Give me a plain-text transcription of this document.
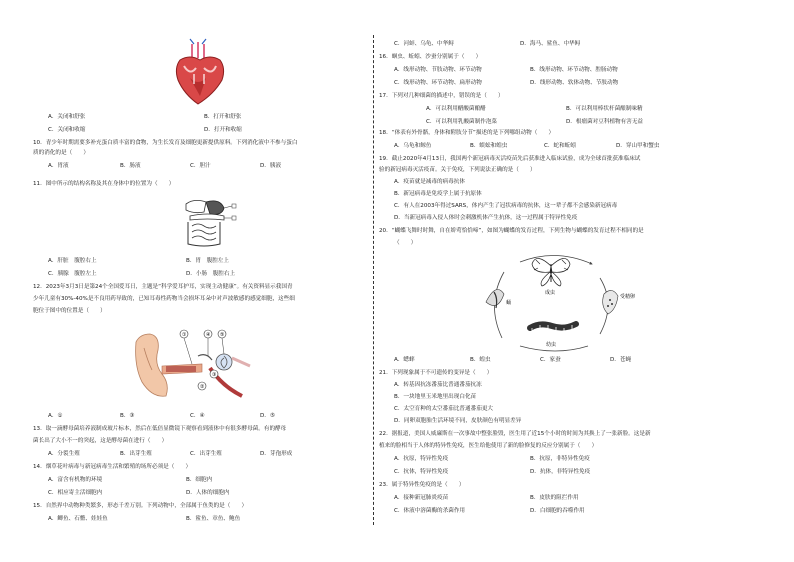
A．关闭和舒张	B．打开和舒张
C．关闭和收缩	D．打开和收缩
10．青少年时期需要多补充蛋白质丰富的食物，为生长发育及细胞更新提供原料。下列消化液中不参与蛋白
质的消化的是（　　）
A．胃液	B．肠液	C．胆汁	D．胰液
11．图中所示的结构名称及其在身体中的位置为（　　）
A．肝脏　腹腔右上	B．胃　腹腔左上
C．胰腺　腹腔左上	D．小肠　腹腔右上
12．2023年3月3日是第24个全国爱耳日，主题是“科学爱耳护耳，实现主动健康”。有关资料显示我国青
少年儿童有30%-40%是不良用药导致的，已知耳毒性药物当会损坏耳朵中对声波敏感的感觉细胞，这些细
胞位于图中的位置是（　　）
①	④ ⑤
③
②
A．①	B．③	C．④	D．⑤
13．取一滴酵母菌培养液制成玻片标本，然后在低倍显微镜下观察看到液体中有很多酵母菌。有的酵母
菌长出了大小不一的突起，这是酵母菌在进行（　　）
A．分裂生殖	B．出芽生殖	C．出芽生殖	D．芽孢形成
14．烟草花叶病毒与新冠病毒生活和繁殖的场所必须是（　　）
A．富含有机物的环境	B．细胞内
C．相应寄主活细胞内	D．人体的细胞内
15．自然界中动物种类繁多，形态千差万别。下列动物中，全部属于鱼类的是（　　）
A．鲫鱼、石鳖、娃娃鱼	B．鲨鱼、章鱼、鲍鱼
C．河蚌、乌龟、中华鲟	D．海马、鲨鱼、中华鲟
16．蛔虫、蚯蚓、沙蚕分别属于（　　）
A．线形动物、节肢动物、环节动物	B．线形动物、环节动物、腔肠动物
C．线形动物、环节动物、扁形动物	D．线形动物、软体动物、节肢动物
17．下列对几种细菌的描述中，错误的是（　　）
A．可以利用醋酸菌酿醋	B．可以利用棒状杆菌酿制味精
C．可以利用乳酸菌制作泡菜	D．根瘤菌对豆科植物有害无益
18．“体表有外骨骼，身体和附肢分节”描述的是下列哪组动物（　　）
A．乌龟和鲸鱼	B．蜈蚣和蝗虫	C．蛇和蚯蚓	D．穿山甲和蟹虫
19．截止2020年4月13日，我国两个新冠病毒灭活疫苗先后获准进入临床试验，成为全球首批获准临床试
验的新冠病毒灭活疫苗。关于免疫，下列说法正确的是（　　）
A．疫苗就是减毒的病毒抗体
B．新冠病毒是免疫学上属于抗原体
C．有人在2003年得过SARS，体内产生了冠状病毒的抗体，这一辈子都不会感染新冠病毒
D．当新冠病毒入侵人体时会刺激机体产生抗体，这一过程属于特异性免疫
20．“蝴蝶飞舞时时舞，自在娇莺恰恰啼”，如图为蝴蝶的发育过程，下列生物与蝴蝶的发育过程不相同的是
（　　）
成虫
蛹
受精卵
幼虫
A．蟋蟀	B．蝗虫	C．家蚕	D．苍蝇
21．下列现象属于不可遗传的变异是（　　）
A．转基因抗冻番茄比普通番茄抗冻
B．一块地里玉米地里出现白化苗
C．太空育种的太空番茄比普通番茄更大
D．同卵双胞胎生活环境不同，皮肤颜色有明显差异
22．据报道，美国人威廉斯在一次事故中整张脸毁，医生用了近15个小时的时间为其换上了一张新脸。这是新
植来的脸相当于人体的特异性免疫，医生给他使用了新的脸修复的反应分别属于（　　）
A．抗原，特异性免疫	B．抗原，非特异性免疫
C．抗体，特异性免疫	D．抗体，非特异性免疫
23．属于特异性免疫的是（　　）
A．接种新冠肺炎疫苗	B．皮肤的阻拦作用
C．体液中溶菌酶的杀菌作用	D．白细胞的吞噬作用
